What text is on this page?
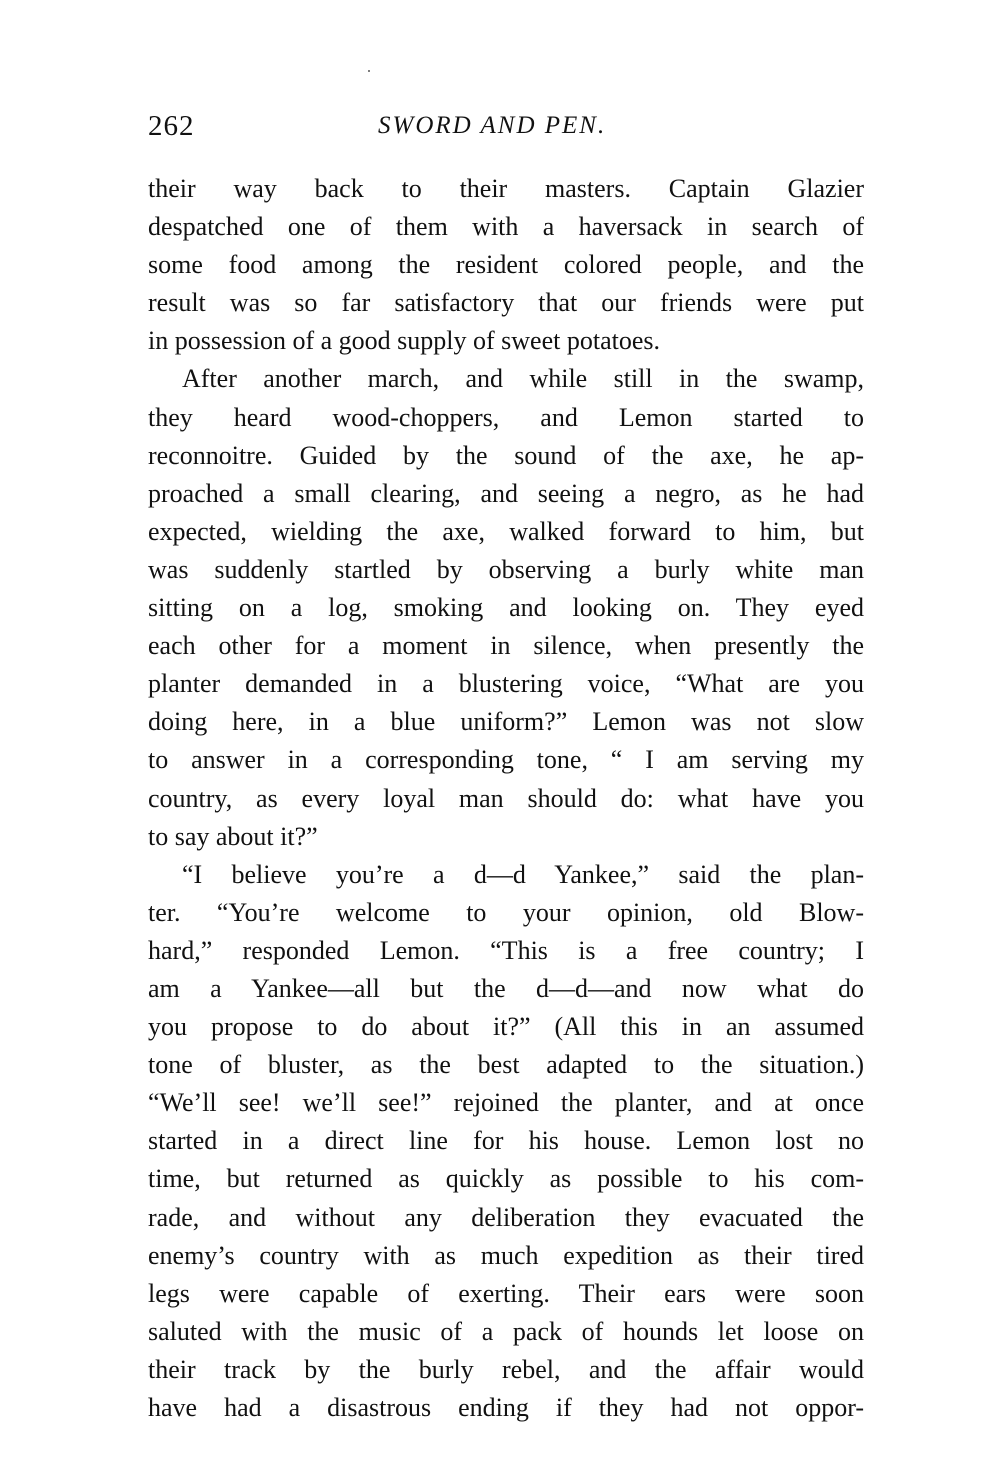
262	SWORD AND PEN.
their way back to their masters. Captain Glazier
despatched one of them with a haversack in search of
some food among the resident colored people, and the
result was so far satisfactory that our friends were put
in possession of a good supply of sweet potatoes.
After another march, and while still in the swamp,
they heard wood-choppers, and Lemon started to
reconnoitre. Guided by the sound of the axe, he ap-
proached a small clearing, and seeing a negro, as he had
expected, wielding the axe, walked forward to him, but
was suddenly startled by observing a burly white man
sitting on a log, smoking and looking on. They eyed
each other for a moment in silence, when presently the
planter demanded in a blustering voice, “What are you
doing here, in a blue uniform?” Lemon was not slow
to answer in a corresponding tone, “ I am serving my
country, as every loyal man should do: what have you
to say about it?”
“I believe you’re a d—d Yankee,” said the plan-
ter. “You’re welcome to your opinion, old Blow-
hard,” responded Lemon. “This is a free country; I
am a Yankee—all but the d—d—and now what do
you propose to do about it?” (All this in an assumed
tone of bluster, as the best adapted to the situation.)
“We’ll see! we’ll see!” rejoined the planter, and at once
started in a direct line for his house. Lemon lost no
time, but returned as quickly as possible to his com-
rade, and without any deliberation they evacuated the
enemy’s country with as much expedition as their tired
legs were capable of exerting. Their ears were soon
saluted with the music of a pack of hounds let loose on
their track by the burly rebel, and the affair would
have had a disastrous ending if they had not oppor-
